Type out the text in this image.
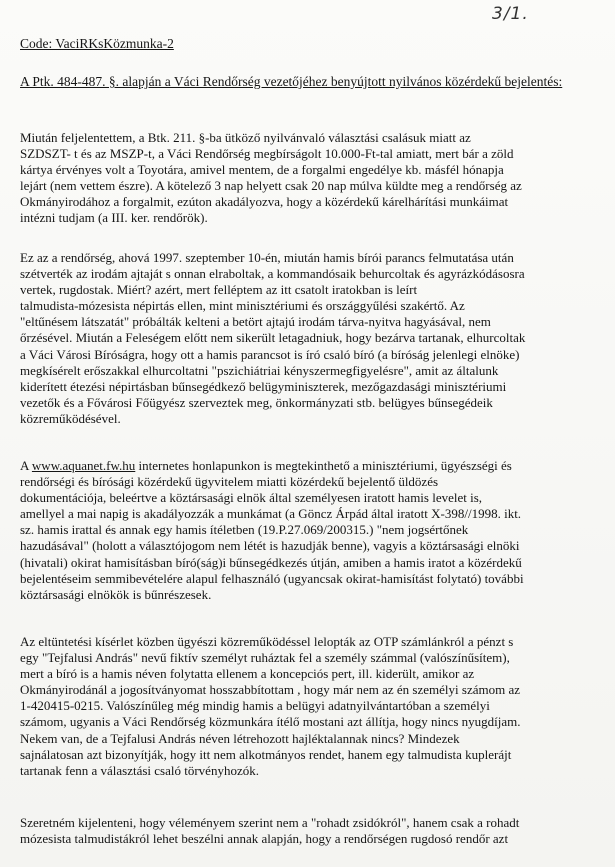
3/1.
Code: VaciRKsKözmunka-2
A Ptk. 484-487. §. alapján a Váci Rendőrség vezetőjéhez benyújtott nyilvános közérdekű bejelentés:
Miután feljelentettem, a Btk. 211. §-ba ütköző nyilvánvaló választási csalásuk miatt az
SZDSZT- t és az MSZP-t, a Váci Rendőrség megbírságolt 10.000-Ft-tal amiatt, mert bár a zöld
kártya érvényes volt a Toyotára, amivel mentem, de a forgalmi engedélye kb. másfél hónapja
lejárt (nem vettem észre). A kötelező 3 nap helyett csak 20 nap múlva küldte meg a rendőrség az
Okmányirodához a forgalmit, ezúton akadályozva, hogy a közérdekű kárelhárítási munkáimat
intézni tudjam (a III. ker. rendőrök).
Ez az a rendőrség, ahová 1997. szeptember 10-én, miután hamis bírói parancs felmutatása után
szétverték az irodám ajtaját s onnan elraboltak, a kommandósaik behurcoltak és agyrázkódásosra
vertek, rugdostak. Miért? azért, mert felléptem az itt csatolt iratokban is leírt
talmudista-mózesista népirtás ellen, mint minisztériumi és országgyűlési szakértő. Az
"eltűnésem látszatát" próbálták kelteni a betört ajtajú irodám tárva-nyitva hagyásával, nem
őrzésével. Miután a Feleségem előtt nem sikerült letagadniuk, hogy bezárva tartanak, elhurcoltak
a Váci Városi Bíróságra, hogy ott a hamis parancsot is író csaló bíró (a bíróság jelenlegi elnöke)
megkísérelt erőszakkal elhurcoltatni "pszichiátriai kényszermegfigyelésre", amit az általunk
kiderített étezési népirtásban bűnsegédkező belügyminiszterek, mezőgazdasági minisztériumi
vezetők és a Fővárosi Főügyész szerveztek meg, önkormányzati stb. belügyes bűnsegédeik
közreműködésével.
A www.aquanet.fw.hu internetes honlapunkon is megtekinthető a minisztériumi, ügyészségi és
rendőrségi és bírósági közérdekű ügyvitelem miatti közérdekű bejelentő üldözés
dokumentációja, beleértve a köztársasági elnök által személyesen iratott hamis levelet is,
amellyel a mai napig is akadályozzák a munkámat (a Göncz Árpád által iratott X-398//1998. ikt.
sz. hamis irattal és annak egy hamis ítéletben (19.P.27.069/200315.) "nem jogsértőnek
hazudásával" (holott a választójogom nem létét is hazudják benne), vagyis a köztársasági elnöki
(hivatali) okirat hamisításban bíró(ság)i bűnsegédkezés útján, amiben a hamis iratot a közérdekű
bejelentéseim semmibevételére alapul felhasználó (ugyancsak okirat-hamisítást folytató) további
köztársasági elnökök is bűnrészesek.
Az eltüntetési kísérlet közben ügyészi közreműködéssel lelopták az OTP számlánkról a pénzt s
egy "Tejfalusi András" nevű fiktív személyt ruháztak fel a személy számmal (valószínűsítem),
mert a bíró is a hamis néven folytatta ellenem a koncepciós pert, ill. kiderült, amikor az
Okmányirodánál a jogosítványomat hosszabbítottam , hogy már nem az én személyi számom az
1-420415-0215. Valószínűleg még mindig hamis a belügyi adatnyilvántartóban a személyi
számom, ugyanis a Váci Rendőrség közmunkára ítélő mostani azt állítja, hogy nincs nyugdíjam.
Nekem van, de a Tejfalusi András néven létrehozott hajléktalannak nincs? Mindezek
sajnálatosan azt bizonyítják, hogy itt nem alkotmányos rendet, hanem egy talmudista kuplerájt
tartanak fenn a választási csaló törvényhozók.
Szeretném kijelenteni, hogy véleményem szerint nem a "rohadt zsidókról", hanem csak a rohadt
mózesista talmudistákról lehet beszélni annak alapján, hogy a rendőrségen rugdosó rendőr azt
